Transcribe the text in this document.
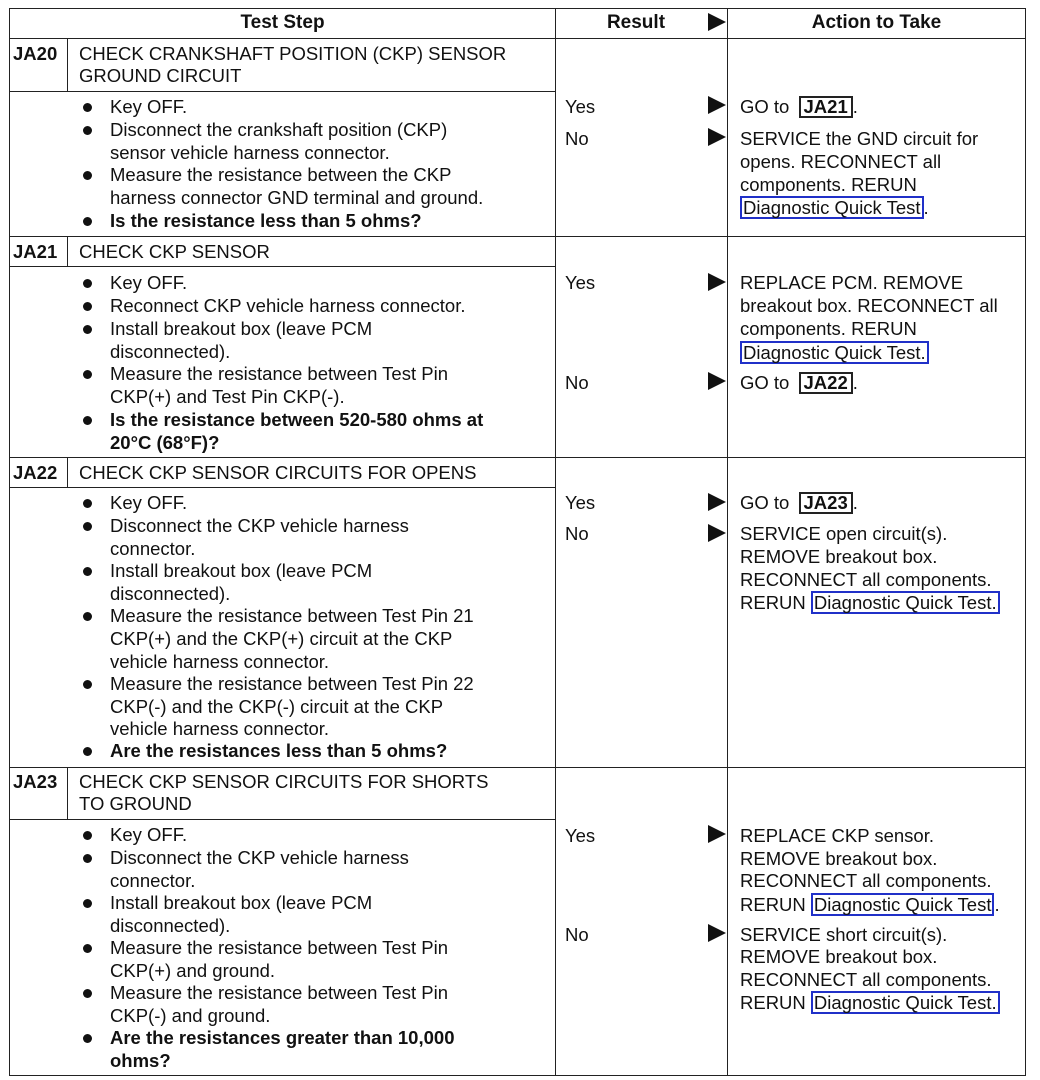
Test Step	Result	Action to Take
JA20 CHECK CRANKSHAFT POSITION (CKP) SENSOR
GROUND CIRCUIT
Key OFF.
Disconnect the crankshaft position (CKP)
sensor vehicle harness connector.
Measure the resistance between the CKP
harness connector GND terminal and ground.
Is the resistance less than 5 ohms?
Yes	GO to JA21 .
No	SERVICE the GND circuit for
opens. RECONNECT all
components. RERUN
Diagnostic Quick Test .
JA21 CHECK CKP SENSOR
Key OFF.
Reconnect CKP vehicle harness connector.
Install breakout box (leave PCM
disconnected).
Measure the resistance between Test Pin
CKP(+) and Test Pin CKP(-).
Is the resistance between 520-580 ohms at
20°C (68°F)?
Yes	REPLACE PCM. REMOVE
breakout box. RECONNECT all
components. RERUN
Diagnostic Quick Test.
No	GO to JA22 .
JA22 CHECK CKP SENSOR CIRCUITS FOR OPENS
Key OFF.
Disconnect the CKP vehicle harness
connector.
Install breakout box (leave PCM
disconnected).
Measure the resistance between Test Pin 21
CKP(+) and the CKP(+) circuit at the CKP
vehicle harness connector.
Measure the resistance between Test Pin 22
CKP(-) and the CKP(-) circuit at the CKP
vehicle harness connector.
Are the resistances less than 5 ohms?
Yes	GO to JA23 .
No	SERVICE open circuit(s).
REMOVE breakout box.
RECONNECT all components.
RERUN Diagnostic Quick Test.
JA23 CHECK CKP SENSOR CIRCUITS FOR SHORTS
TO GROUND
Key OFF.
Disconnect the CKP vehicle harness
connector.
Install breakout box (leave PCM
disconnected).
Measure the resistance between Test Pin
CKP(+) and ground.
Measure the resistance between Test Pin
CKP(-) and ground.
Are the resistances greater than 10,000
ohms?
Yes	REPLACE CKP sensor.
REMOVE breakout box.
RECONNECT all components.
RERUN Diagnostic Quick Test .
No	SERVICE short circuit(s).
REMOVE breakout box.
RECONNECT all components.
RERUN Diagnostic Quick Test.
